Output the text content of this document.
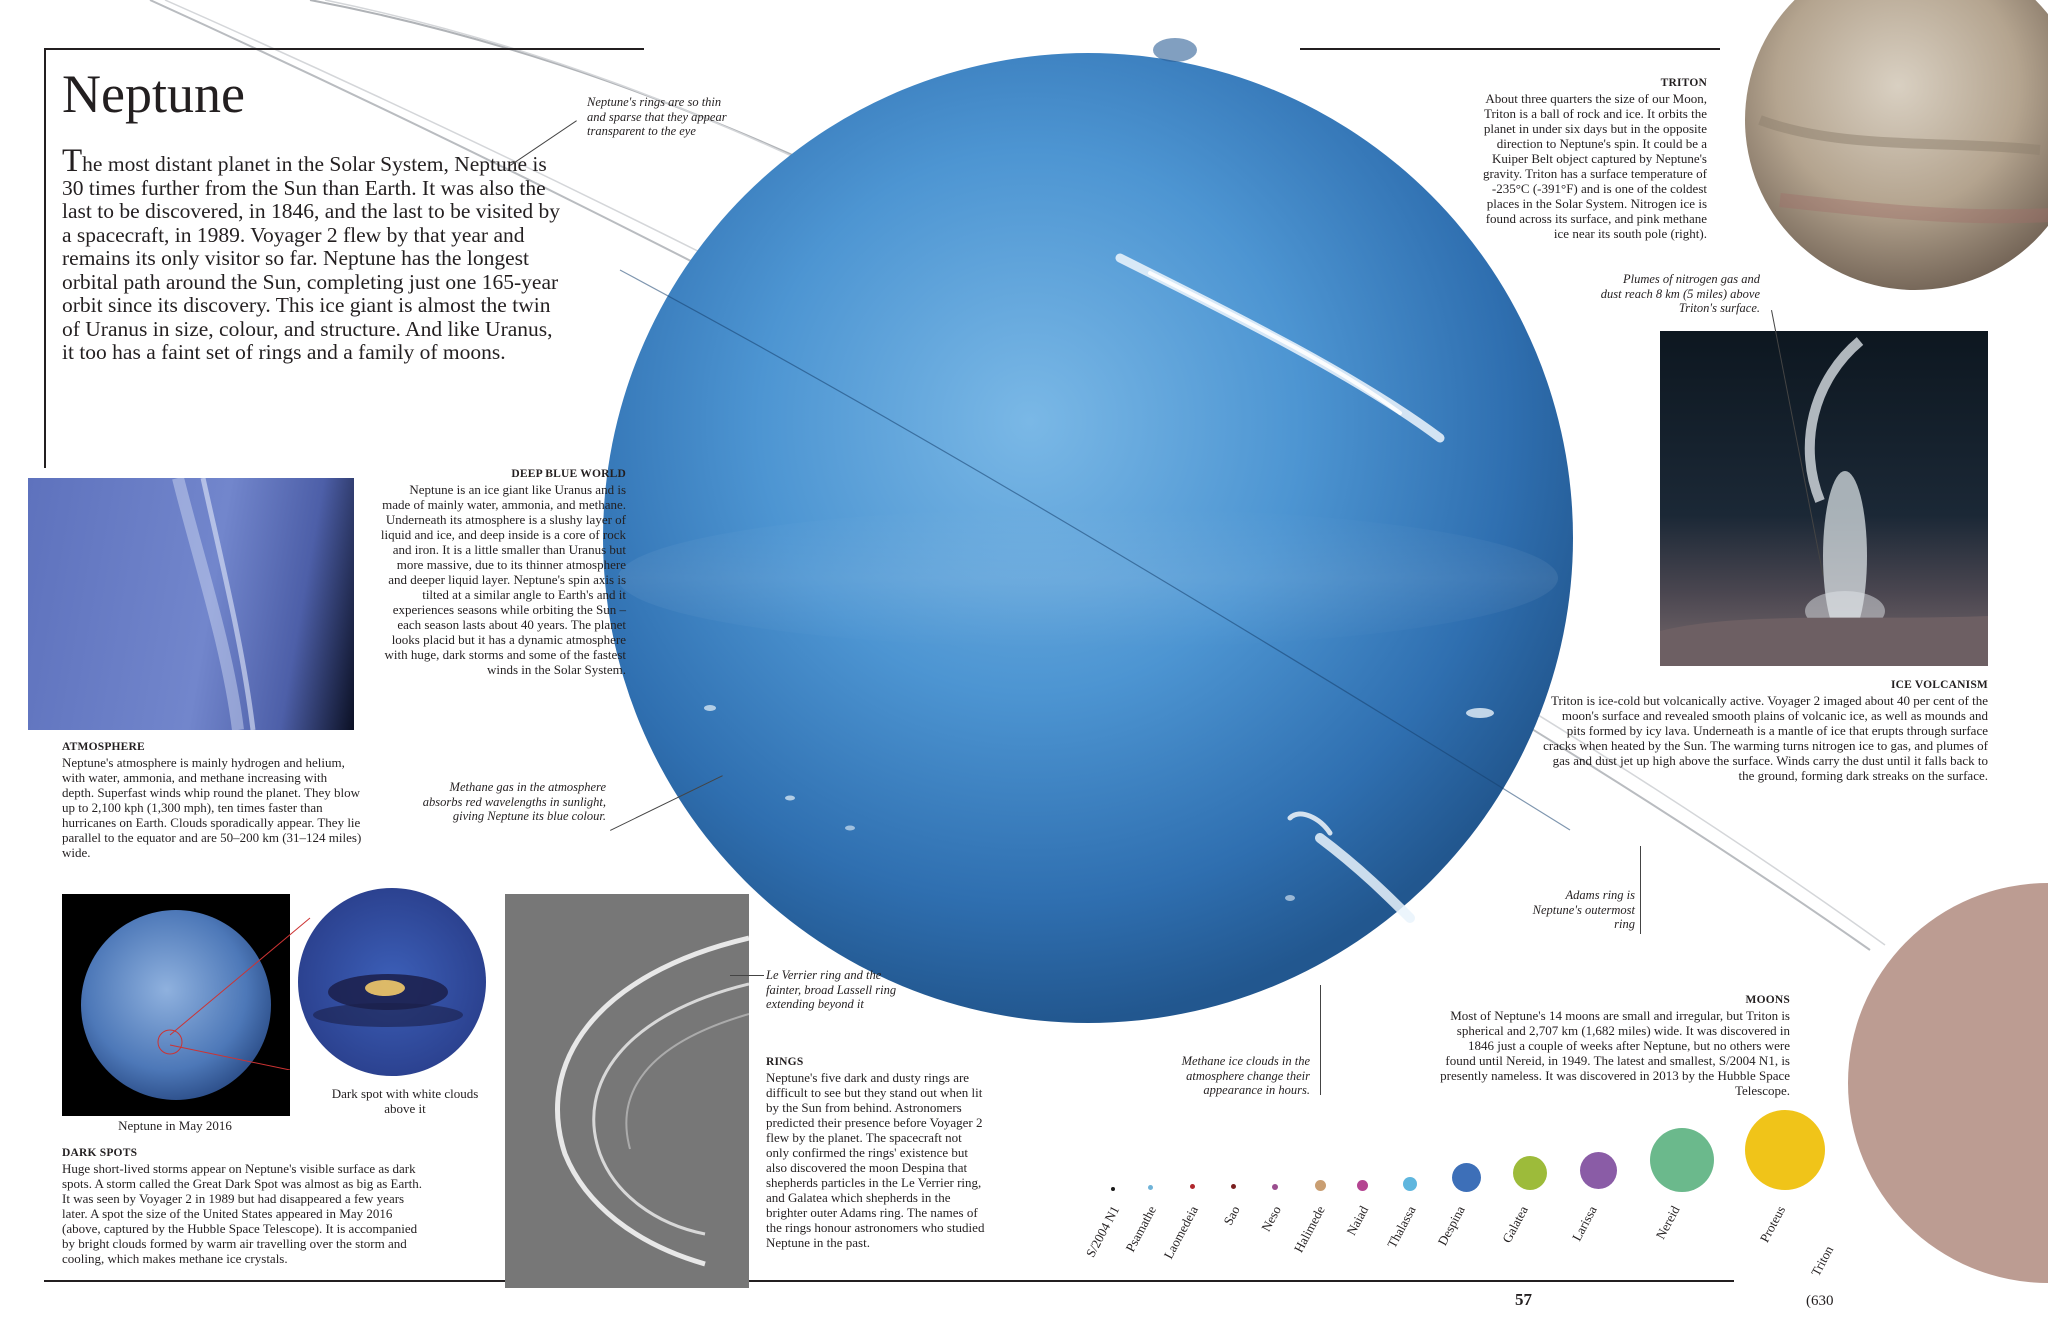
Neptune
The most distant planet in the Solar System, Neptune is 30 times further from the Sun than Earth. It was also the last to be discovered, in 1846, and the last to be visited by a spacecraft, in 1989. Voyager 2 flew by that year and remains its only visitor so far. Neptune has the longest orbital path around the Sun, completing just one 165-year orbit since its discovery. This ice giant is almost the twin of Uranus in size, colour, and structure. And like Uranus, it too has a faint set of rings and a family of moons.
S/2004 N1 Psamathe Laomedeia Sao Neso Halimede Naiad Thalassa Despina Galatea	Larissa	Nereid	Proteus
Triton
Neptune's rings are so thin and sparse that they appear transparent to the eye
Methane gas in the atmosphere absorbs red wavelengths in sunlight, giving Neptune its blue colour.
Methane ice clouds in the atmosphere change their appearance in hours.
Adams ring is Neptune's outermost ring
Le Verrier ring and the fainter, broad Lassell ring extending beyond it
Plumes of nitrogen gas and dust reach 8 km (5 miles) above Triton's surface.
Dark spot with white clouds above it
Neptune in May 2016
DEEP BLUE WORLD
Neptune is an ice giant like Uranus and is made of mainly water, ammonia, and methane. Underneath its atmosphere is a slushy layer of liquid and ice, and deep inside is a core of rock and iron. It is a little smaller than Uranus but more massive, due to its thinner atmosphere and deeper liquid layer. Neptune's spin axis is tilted at a similar angle to Earth's and it experiences seasons while orbiting the Sun – each season lasts about 40 years. The planet looks placid but it has a dynamic atmosphere with huge, dark storms and some of the fastest winds in the Solar System.
ATMOSPHERE
Neptune's atmosphere is mainly hydrogen and helium, with water, ammonia, and methane increasing with depth. Superfast winds whip round the planet. They blow up to 2,100 kph (1,300 mph), ten times faster than hurricanes on Earth. Clouds sporadically appear. They lie parallel to the equator and are 50–200 km (31–124 miles) wide.
DARK SPOTS
Huge short-lived storms appear on Neptune's visible surface as dark spots. A storm called the Great Dark Spot was almost as big as Earth. It was seen by Voyager 2 in 1989 but had disappeared a few years later. A spot the size of the United States appeared in May 2016 (above, captured by the Hubble Space Telescope). It is accompanied by bright clouds formed by warm air travelling over the storm and cooling, which makes methane ice crystals.
RINGS
Neptune's five dark and dusty rings are difficult to see but they stand out when lit by the Sun from behind. Astronomers predicted their presence before Voyager 2 flew by the planet. The spacecraft not only confirmed the rings' existence but also discovered the moon Despina that shepherds particles in the Le Verrier ring, and Galatea which shepherds in the brighter outer Adams ring. The names of the rings honour astronomers who studied Neptune in the past.
TRITON
About three quarters the size of our Moon, Triton is a ball of rock and ice. It orbits the planet in under six days but in the opposite direction to Neptune's spin. It could be a Kuiper Belt object captured by Neptune's gravity. Triton has a surface temperature of -235°C (-391°F) and is one of the coldest places in the Solar System. Nitrogen ice is found across its surface, and pink methane ice near its south pole (right).
ICE VOLCANISM
Triton is ice-cold but volcanically active. Voyager 2 imaged about 40 per cent of the moon's surface and revealed smooth plains of volcanic ice, as well as mounds and pits formed by icy lava. Underneath is a mantle of ice that erupts through surface cracks when heated by the Sun. The warming turns nitrogen ice to gas, and plumes of gas and dust jet up high above the surface. Winds carry the dust until it falls back to the ground, forming dark streaks on the surface.
MOONS
Most of Neptune's 14 moons are small and irregular, but Triton is spherical and 2,707 km (1,682 miles) wide. It was discovered in 1846 just a couple of weeks after Neptune, but no others were found until Nereid, in 1949. The latest and smallest, S/2004 N1, is presently nameless. It was discovered in 2013 by the Hubble Space Telescope.
57	(630
